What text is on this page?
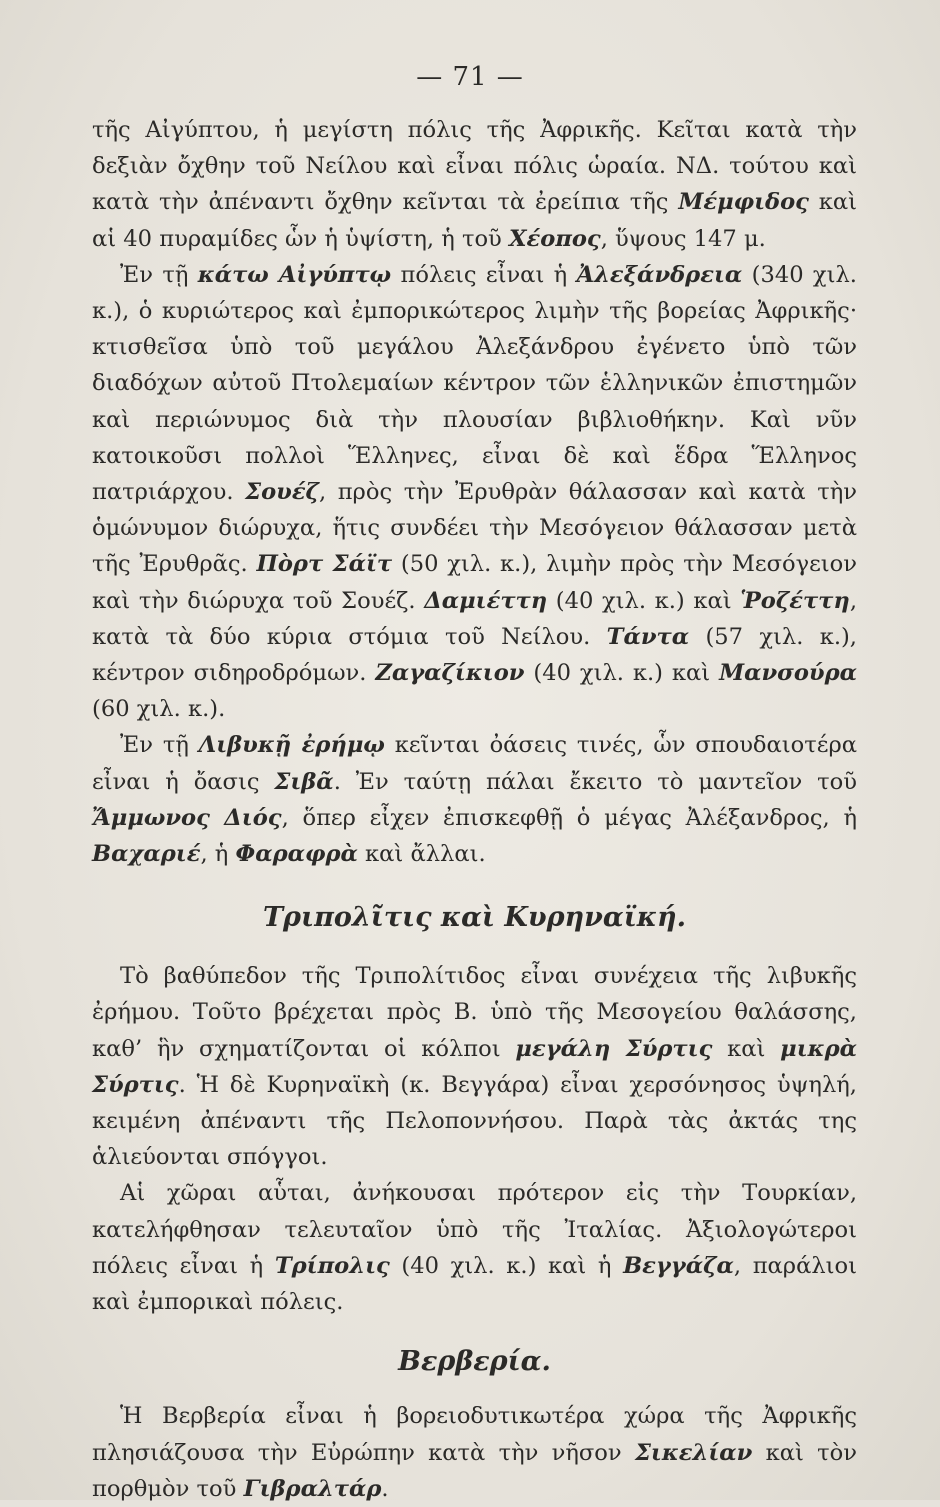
— 71 —

τῆς Αἰγύπτου, ἡ μεγίστη πόλις τῆς Ἀφρικῆς. Κεῖται κατὰ τὴν δεξιὰν ὄχθην τοῦ Νείλου καὶ εἶναι πόλις ὡραία. ΝΔ. τούτου καὶ κατὰ τὴν ἀπέναντι ὄχθην κεῖνται τὰ ἐρείπια τῆς Μέμφιδος καὶ αἱ 40 πυραμίδες ὧν ἡ ὑψίστη, ἡ τοῦ Χέοπος, ὕψους 147 μ.

Ἐν τῇ κάτω Αἰγύπτῳ πόλεις εἶναι ἡ Ἀλεξάνδρεια (340 χιλ. κ.), ὁ κυριώτερος καὶ ἐμπορικώτερος λιμὴν τῆς βορείας Ἀφρικῆς· κτισθεῖσα ὑπὸ τοῦ μεγάλου Ἀλεξάνδρου ἐγένετο ὑπὸ τῶν διαδόχων αὐτοῦ Πτολεμαίων κέντρον τῶν ἑλληνικῶν ἐπιστημῶν καὶ περιώνυμος διὰ τὴν πλουσίαν βιβλιοθήκην. Καὶ νῦν κατοικοῦσι πολλοὶ Ἕλληνες, εἶναι δὲ καὶ ἕδρα Ἕλληνος πατριάρχου. Σουέζ, πρὸς τὴν Ἐρυθρὰν θάλασσαν καὶ κατὰ τὴν ὁμώνυμον διώρυχα, ἥτις συνδέει τὴν Μεσόγειον θάλασσαν μετὰ τῆς Ἐρυθρᾶς. Πὸρτ Σάϊτ (50 χιλ. κ.), λιμὴν πρὸς τὴν Μεσόγειον καὶ τὴν διώρυχα τοῦ Σουέζ. Δαμιέττη (40 χιλ. κ.) καὶ Ῥοζέττη, κατὰ τὰ δύο κύρια στόμια τοῦ Νείλου. Τάντα (57 χιλ. κ.), κέντρον σιδηροδρόμων. Ζαγαζίκιον (40 χιλ. κ.) καὶ Μανσούρα (60 χιλ. κ.).

Ἐν τῇ Λιβυκῇ ἐρήμῳ κεῖνται ὀάσεις τινές, ὧν σπουδαιοτέρα εἶναι ἡ ὄασις Σιβᾶ. Ἐν ταύτῃ πάλαι ἔκειτο τὸ μαντεῖον τοῦ Ἄμμωνος Διός, ὅπερ εἶχεν ἐπισκεφθῇ ὁ μέγας Ἀλέξανδρος, ἡ Βαχαριέ, ἡ Φαραφρὰ καὶ ἄλλαι.

Τριπολῖτις καὶ Κυρηναϊκή.

Τὸ βαθύπεδον τῆς Τριπολίτιδος εἶναι συνέχεια τῆς λιβυκῆς ἐρήμου. Τοῦτο βρέχεται πρὸς Β. ὑπὸ τῆς Μεσογείου θαλάσσης, καθ’ ἣν σχηματίζονται οἱ κόλποι μεγάλη Σύρτις καὶ μικρὰ Σύρτις. Ἡ δὲ Κυρηναϊκὴ (κ. Βεγγάρα) εἶναι χερσόνησος ὑψηλή, κειμένη ἀπέναντι τῆς Πελοποννήσου. Παρὰ τὰς ἀκτάς της ἁλιεύονται σπόγγοι.

Αἱ χῶραι αὗται, ἀνήκουσαι πρότερον εἰς τὴν Τουρκίαν, κατελήφθησαν τελευταῖον ὑπὸ τῆς Ἰταλίας. Ἀξιολογώτεροι πόλεις εἶναι ἡ Τρίπολις (40 χιλ. κ.) καὶ ἡ Βεγγάζα, παράλιοι καὶ ἐμπορικαὶ πόλεις.

Βερβερία.

Ἡ Βερβερία εἶναι ἡ βορειοδυτικωτέρα χώρα τῆς Ἀφρικῆς πλησιάζουσα τὴν Εὐρώπην κατὰ τὴν νῆσον Σικελίαν καὶ τὸν πορθμὸν τοῦ Γιβραλτάρ.
